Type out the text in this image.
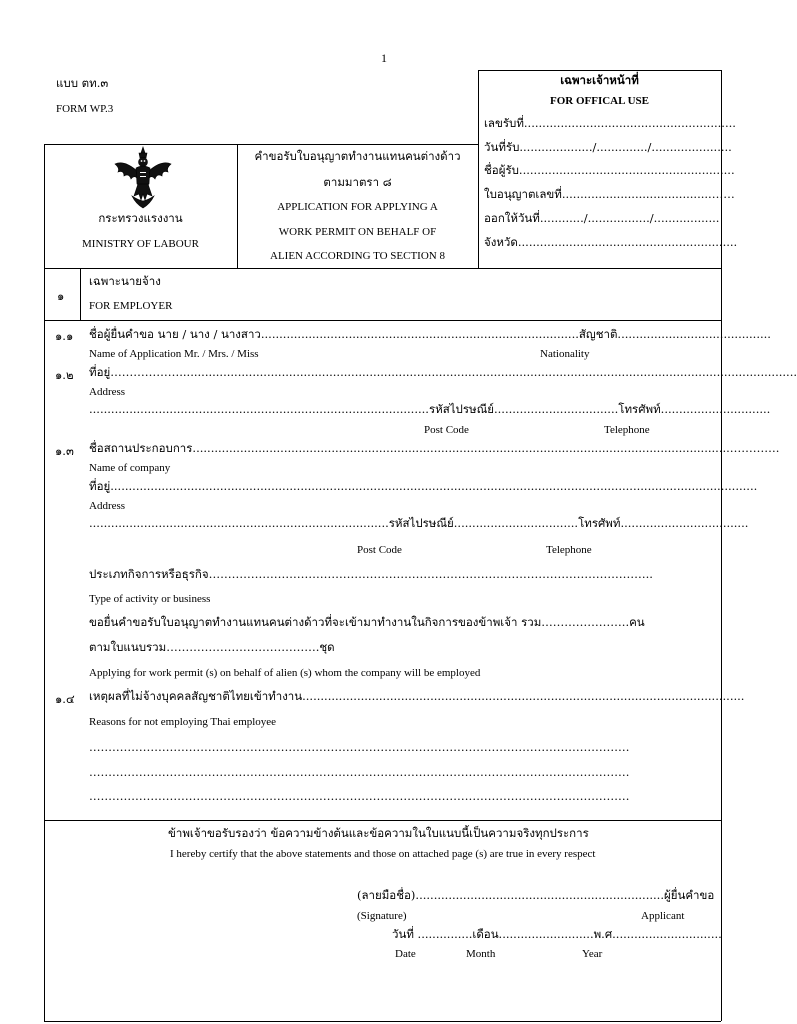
1
แบบ ตท.๓
FORM WP.3
เฉพาะเจ้าหน้าที่
FOR OFFICAL USE
เลขรับที่..........................................................
วันที่รับ..................../............../......................
ชื่อผู้รับ...........................................................
ใบอนุญาตเลขที่.........................................……
ออกให้วันที่............/................./..................
จังหวัด............................................................
กระทรวงแรงงาน
MINISTRY OF LABOUR
คำขอรับใบอนุญาตทำงานแทนคนต่างด้าว
ตามมาตรา ๘
APPLICATION FOR APPLYING A
WORK PERMIT ON BEHALF OF
ALIEN ACCORDING TO SECTION 8
๑
เฉพาะนายจ้าง
FOR EMPLOYER
๑.๑ ชื่อผู้ยื่นคำขอ นาย / นาง / นางสาว.......................................................................................สัญชาติ..........................................
Name of Application Mr. / Mrs. / Miss	Nationality
๑.๒ ที่อยู่……………….........................................................................................................................................................................
Address
.............................................................................................รหัสไปรษณีย์..................................โทรศัพท์..............................
Post Code	Telephone
๑.๓ ชื่อสถานประกอบการ...................................................................................................................................................………….
Name of company
ที่อยู่.................................................................................................................................................................................
Address
..................................................................................รหัสไปรษณีย์..................................โทรศัพท์...................................
Post Code	Telephone
ประเภทกิจการหรือธุรกิจ……………………………………………………………………………………………………..
Type of activity or business
ขอยื่นคำขอรับใบอนุญาตทำงานแทนคนต่างด้าวที่จะเข้ามาทำงานในกิจการของข้าพเจ้า รวม…………………..คน
ตามใบแนบรวม………………………………….ชุด
Applying for work permit (s) on behalf of alien (s) whom the company will be employed
๑.๔ เหตุผลที่ไม่จ้างบุคคลสัญชาติไทยเข้าทำงาน.........................................................................................................................
Reasons for not employing Thai employee
……………………………………………………………………………………………………………………………
……………………………………………………………………………………………………………………………
……………………………………………………………………………………………………………………………
ข้าพเจ้าขอรับรองว่า ข้อความข้างต้นและข้อความในใบแนบนี้เป็นความจริงทุกประการ
I hereby certify that the above statements and those on attached page (s) are true in every respect
(ลายมือชื่อ)....................................................................ผู้ยื่นคำขอ
(Signature)	Applicant
วันที่ ...............เดือน..........................พ.ศ..............................
Date	Month	Year
